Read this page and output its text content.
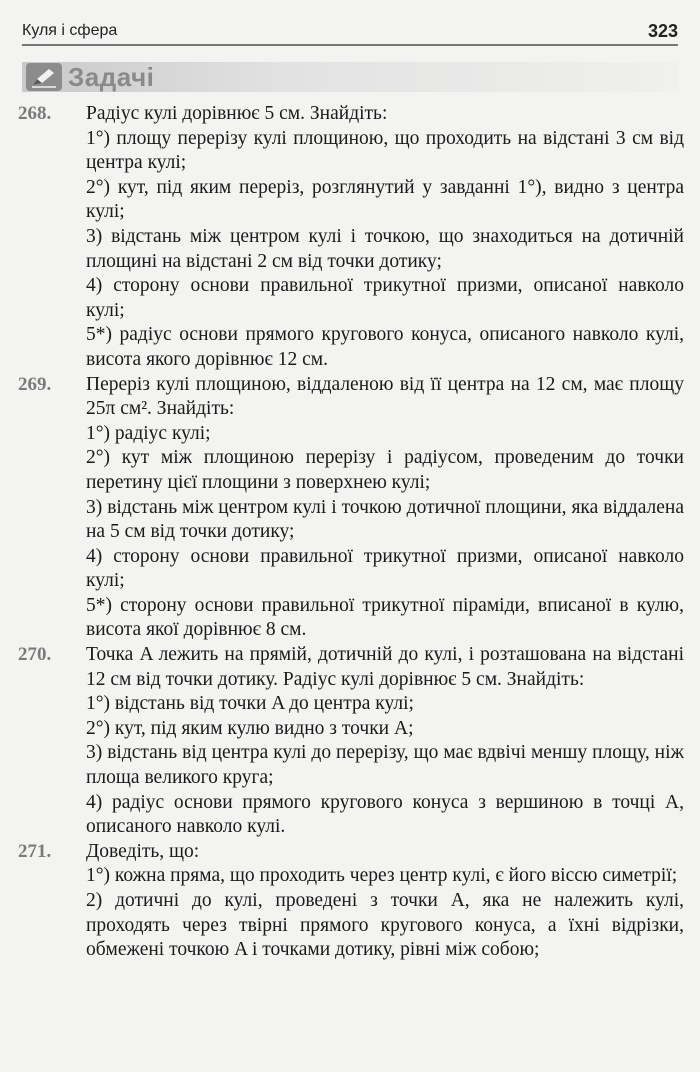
Куля і сфера	323
Задачі
268.	Радіус кулі дорівнює 5 см. Знайдіть:

1°) площу перерізу кулі площиною, що проходить на відстані 3 см від центра кулі;

2°) кут, під яким переріз, розглянутий у завданні 1°), видно з центра кулі;

3) відстань між центром кулі і точкою, що знаходиться на дотичній площині на відстані 2 см від точки дотику;

4) сторону основи правильної трикутної призми, описаної навколо кулі;

5*) радіус основи прямого кругового конуса, описаного навколо кулі, висота якого дорівнює 12 см.

269.	Переріз кулі площиною, віддаленою від її центра на 12 см, має площу 25π см². Знайдіть:

1°) радіус кулі;

2°) кут між площиною перерізу і радіусом, проведеним до точки перетину цієї площини з поверхнею кулі;

3) відстань між центром кулі і точкою дотичної площини, яка віддалена на 5 см від точки дотику;

4) сторону основи правильної трикутної призми, описаної навколо кулі;

5*) сторону основи правильної трикутної піраміди, вписаної в кулю, висота якої дорівнює 8 см.

270.	Точка A лежить на прямій, дотичній до кулі, і розташована на відстані 12 см від точки дотику. Радіус кулі дорівнює 5 см. Знайдіть:

1°) відстань від точки A до центра кулі;

2°) кут, під яким кулю видно з точки A;

3) відстань від центра кулі до перерізу, що має вдвічі меншу площу, ніж площа великого круга;

4) радіус основи прямого кругового конуса з вершиною в точці A, описаного навколо кулі.

271.	Доведіть, що:

1°) кожна пряма, що проходить через центр кулі, є його віссю симетрії;

2) дотичні до кулі, проведені з точки A, яка не належить кулі, проходять через твірні прямого кругового конуса, а їхні відрізки, обмежені точкою A і точками дотику, рівні між собою;
